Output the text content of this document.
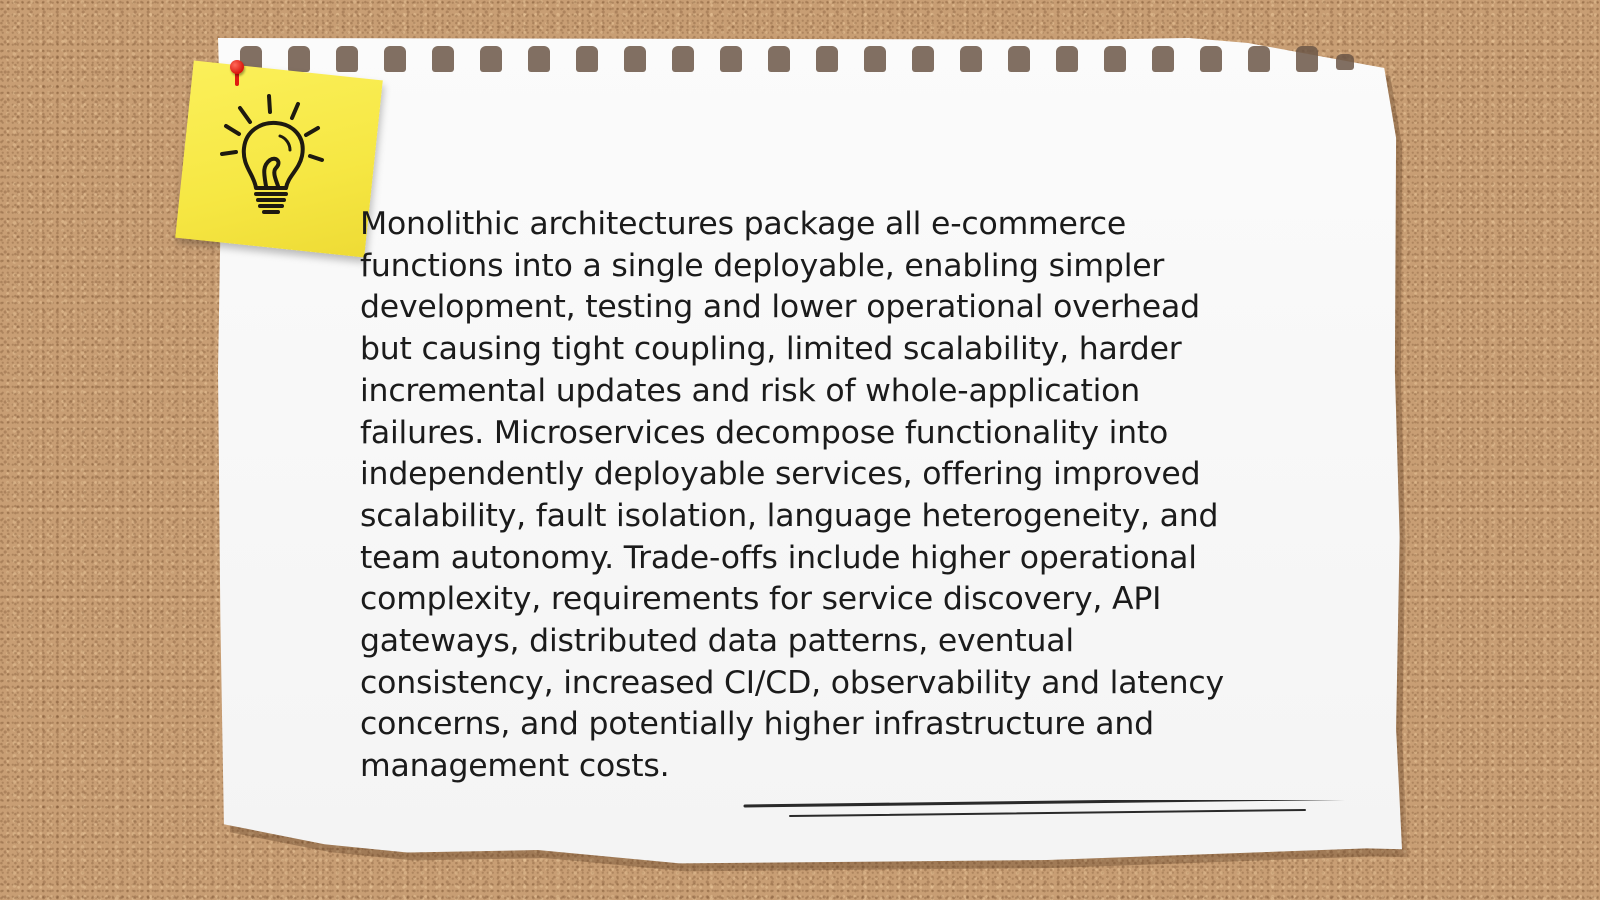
Monolithic architectures package all e-commerce functions into a single deployable, enabling simpler development, testing and lower operational overhead but causing tight coupling, limited scalability, harder incremental updates and risk of whole-application failures. Microservices decompose functionality into independently deployable services, offering improved scalability, fault isolation, language heterogeneity, and team autonomy. Trade-offs include higher operational complexity, requirements for service discovery, API gateways, distributed data patterns, eventual consistency, increased CI/CD, observability and latency concerns, and potentially higher infrastructure and management costs.
